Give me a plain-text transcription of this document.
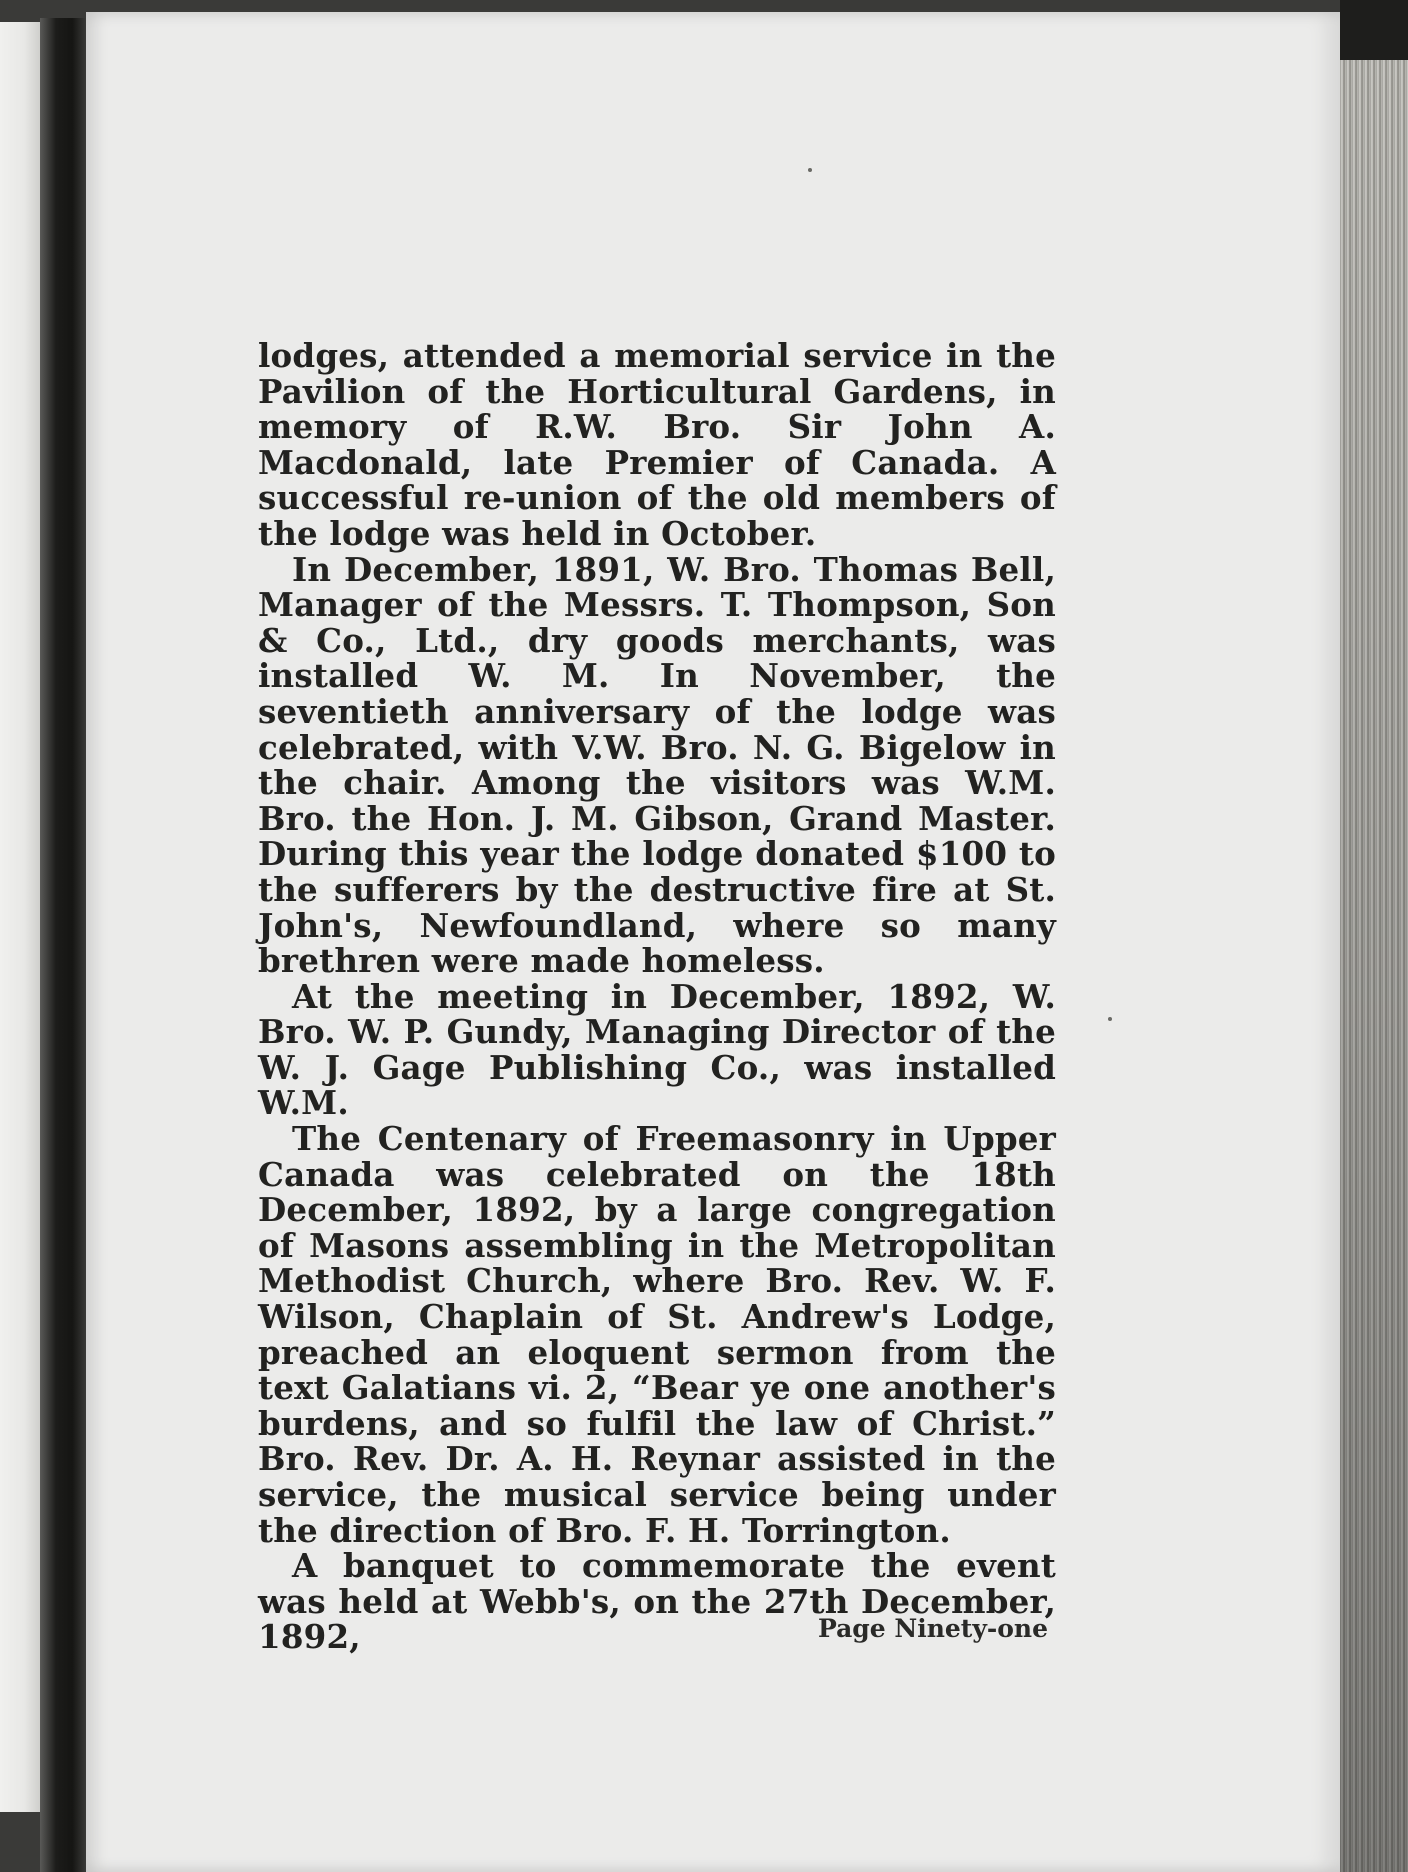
lodges, attended a memorial service in the Pavilion of the Horticultural Gardens, in memory of R.W. Bro. Sir John A. Macdonald, late Premier of Canada. A successful re-union of the old members of the lodge was held in October.

In December, 1891, W. Bro. Thomas Bell, Manager of the Messrs. T. Thompson, Son & Co., Ltd., dry goods merchants, was installed W. M. In November, the seventieth anniversary of the lodge was celebrated, with V.W. Bro. N. G. Bigelow in the chair. Among the visitors was W.M. Bro. the Hon. J. M. Gibson, Grand Master. During this year the lodge donated $100 to the sufferers by the destructive fire at St. John's, Newfoundland, where so many brethren were made homeless.

At the meeting in December, 1892, W. Bro. W. P. Gundy, Managing Director of the W. J. Gage Publishing Co., was installed W.M.

The Centenary of Freemasonry in Upper Canada was celebrated on the 18th December, 1892, by a large congregation of Masons assembling in the Metropolitan Methodist Church, where Bro. Rev. W. F. Wilson, Chaplain of St. Andrew's Lodge, preached an eloquent sermon from the text Galatians vi. 2, “Bear ye one another's burdens, and so fulfil the law of Christ.” Bro. Rev. Dr. A. H. Reynar assisted in the service, the musical service being under the direction of Bro. F. H. Torrington.

A banquet to commemorate the event was held at Webb's, on the 27th December, 1892,	Page Ninety-one
